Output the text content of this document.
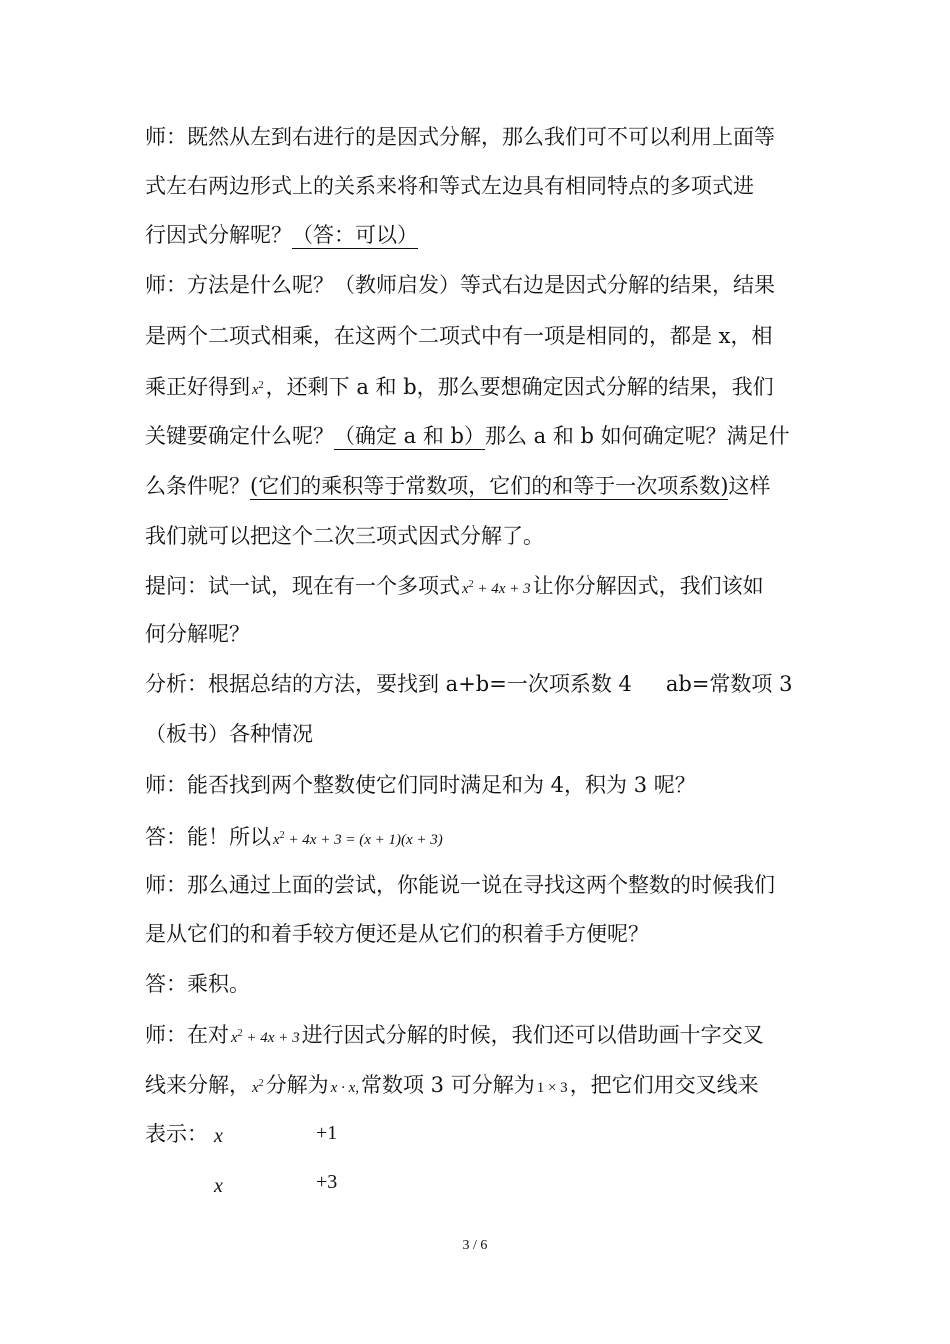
师：既然从左到右进行的是因式分解，那么我们可不可以利用上面等
式左右两边形式上的关系来将和等式左边具有相同特点的多项式进
行因式分解呢？（答：可以）
师：方法是什么呢？（教师启发）等式右边是因式分解的结果，结果
是两个二项式相乘，在这两个二项式中有一项是相同的，都是 x，相
乘正好得到 $x^2$，还剩下 a 和 b，那么要想确定因式分解的结果，我们
关键要确定什么呢？（确定 a 和 b）那么 a 和 b 如何确定呢？满足什
么条件呢？(它们的乘积等于常数项，它们的和等于一次项系数)这样
我们就可以把这个二次三项式因式分解了。
提问：试一试，现在有一个多项式 $x^2 + 4x + 3$让你分解因式，我们该如
何分解呢？
分析：根据总结的方法，要找到 a+b=一次项系数 4 ab=常数项 3
（板书）各种情况
师：能否找到两个整数使它们同时满足和为 4，积为 3 呢？
答：能！所以 $x^2 + 4x + 3 = (x + 1)(x + 3)$
师：那么通过上面的尝试，你能说一说在寻找这两个整数的时候我们
是从它们的和着手较方便还是从它们的积着手方便呢？
答：乘积。
师：在对 $x^2 + 4x + 3$进行因式分解的时候，我们还可以借助画十字交叉
线来分解， $x^2$分解为 x · x,常数项 3 可分解为 1 × 3，把它们用交叉线来
表示： x	+1
x	+3
3 / 6
